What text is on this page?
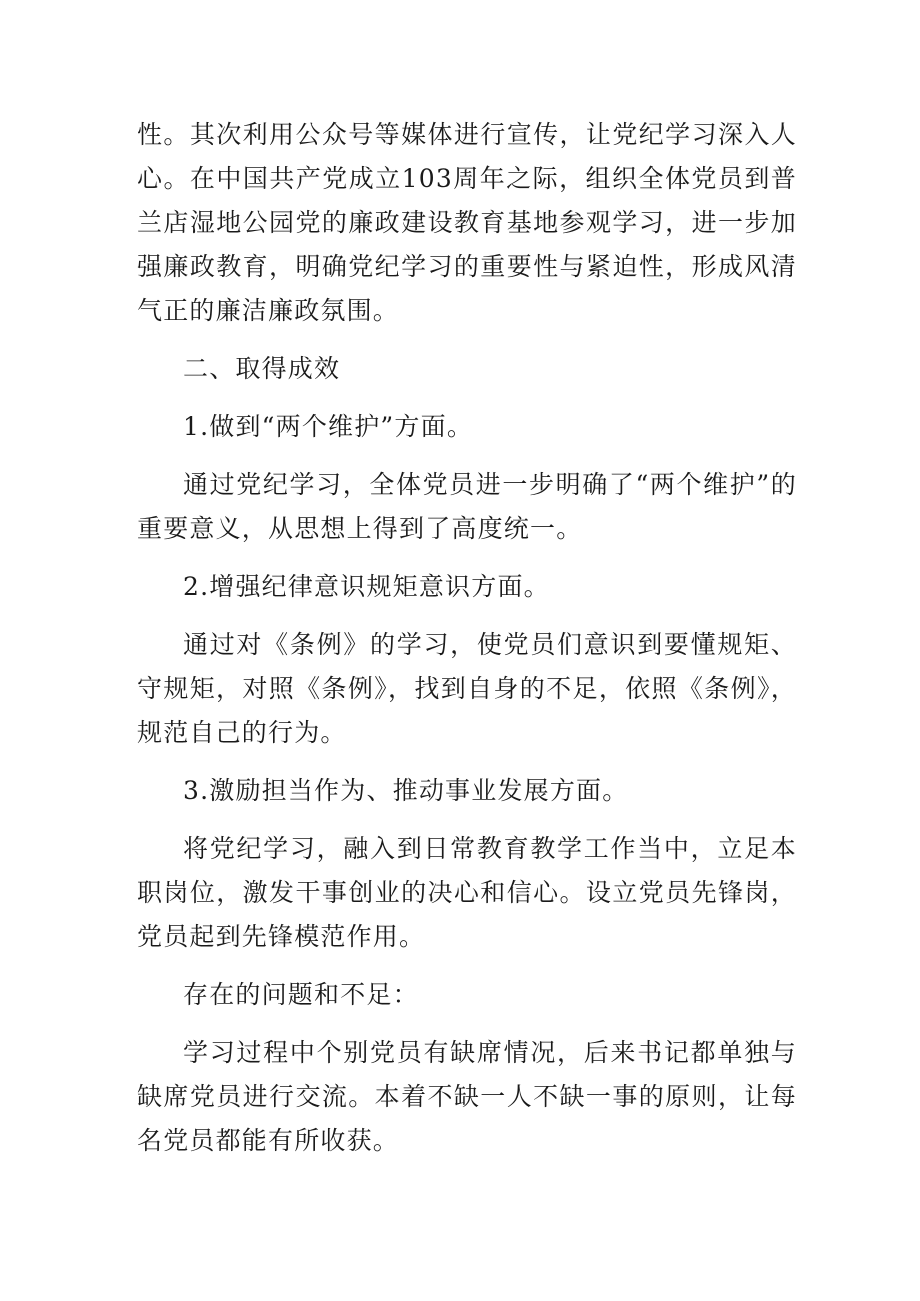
性。其次利用公众号等媒体进行宣传，让党纪学习深入人心。在中国共产党成立103周年之际，组织全体党员到普兰店湿地公园党的廉政建设教育基地参观学习，进一步加强廉政教育，明确党纪学习的重要性与紧迫性，形成风清气正的廉洁廉政氛围。

二、取得成效

1.做到“两个维护”方面。

通过党纪学习，全体党员进一步明确了“两个维护”的重要意义，从思想上得到了高度统一。

2.增强纪律意识规矩意识方面。

通过对《条例》的学习，使党员们意识到要懂规矩、守规矩，对照《条例》，找到自身的不足，依照《条例》，规范自己的行为。

3.激励担当作为、推动事业发展方面。

将党纪学习，融入到日常教育教学工作当中，立足本职岗位，激发干事创业的决心和信心。设立党员先锋岗，党员起到先锋模范作用。

存在的问题和不足：

学习过程中个别党员有缺席情况，后来书记都单独与缺席党员进行交流。本着不缺一人不缺一事的原则，让每名党员都能有所收获。
